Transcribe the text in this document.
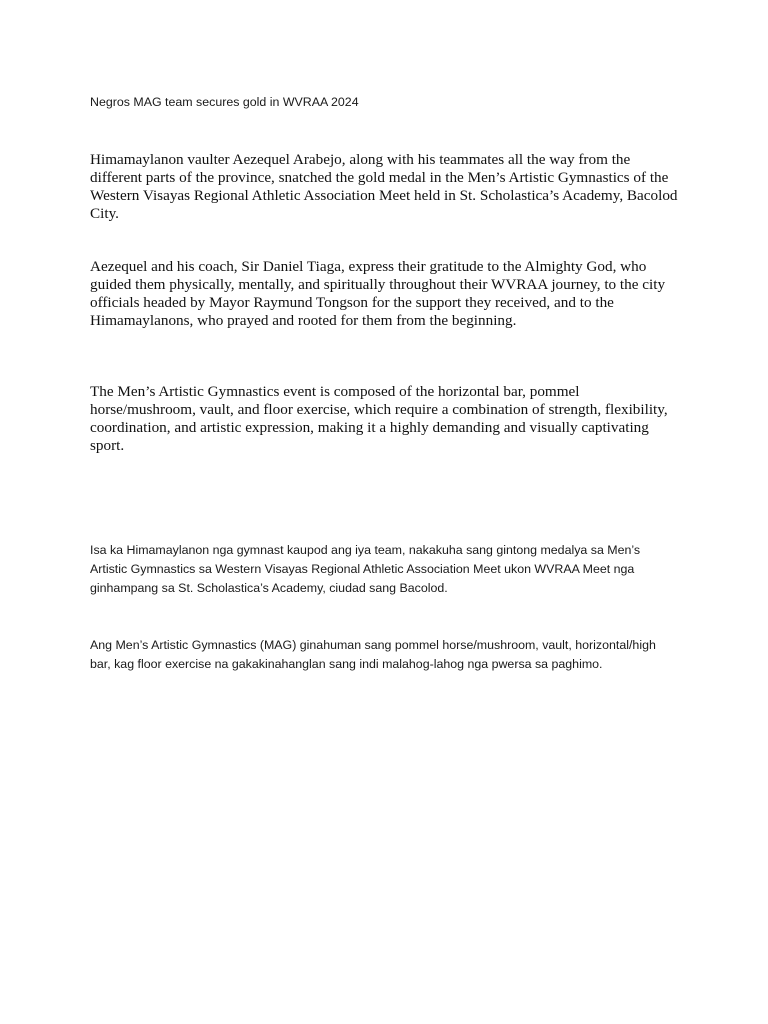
Negros MAG team secures gold in WVRAA 2024

Himamaylanon vaulter Aezequel Arabejo, along with his teammates all the way from the different parts of the province, snatched the gold medal in the Men’s Artistic Gymnastics of the Western Visayas Regional Athletic Association Meet held in St. Scholastica’s Academy, Bacolod City.

Aezequel and his coach, Sir Daniel Tiaga, express their gratitude to the Almighty God, who guided them physically, mentally, and spiritually throughout their WVRAA journey, to the city officials headed by Mayor Raymund Tongson for the support they received, and to the Himamaylanons, who prayed and rooted for them from the beginning.

The Men’s Artistic Gymnastics event is composed of the horizontal bar, pommel horse/mushroom, vault, and floor exercise, which require a combination of strength, flexibility, coordination, and artistic expression, making it a highly demanding and visually captivating sport.

Isa ka Himamaylanon nga gymnast kaupod ang iya team, nakakuha sang gintong medalya sa Men’s Artistic Gymnastics sa Western Visayas Regional Athletic Association Meet ukon WVRAA Meet nga ginhampang sa St. Scholastica’s Academy, ciudad sang Bacolod.

Ang Men’s Artistic Gymnastics (MAG) ginahuman sang pommel horse/mushroom, vault, horizontal/high bar, kag floor exercise na gakakinahanglan sang indi malahog-lahog nga pwersa sa paghimo.
